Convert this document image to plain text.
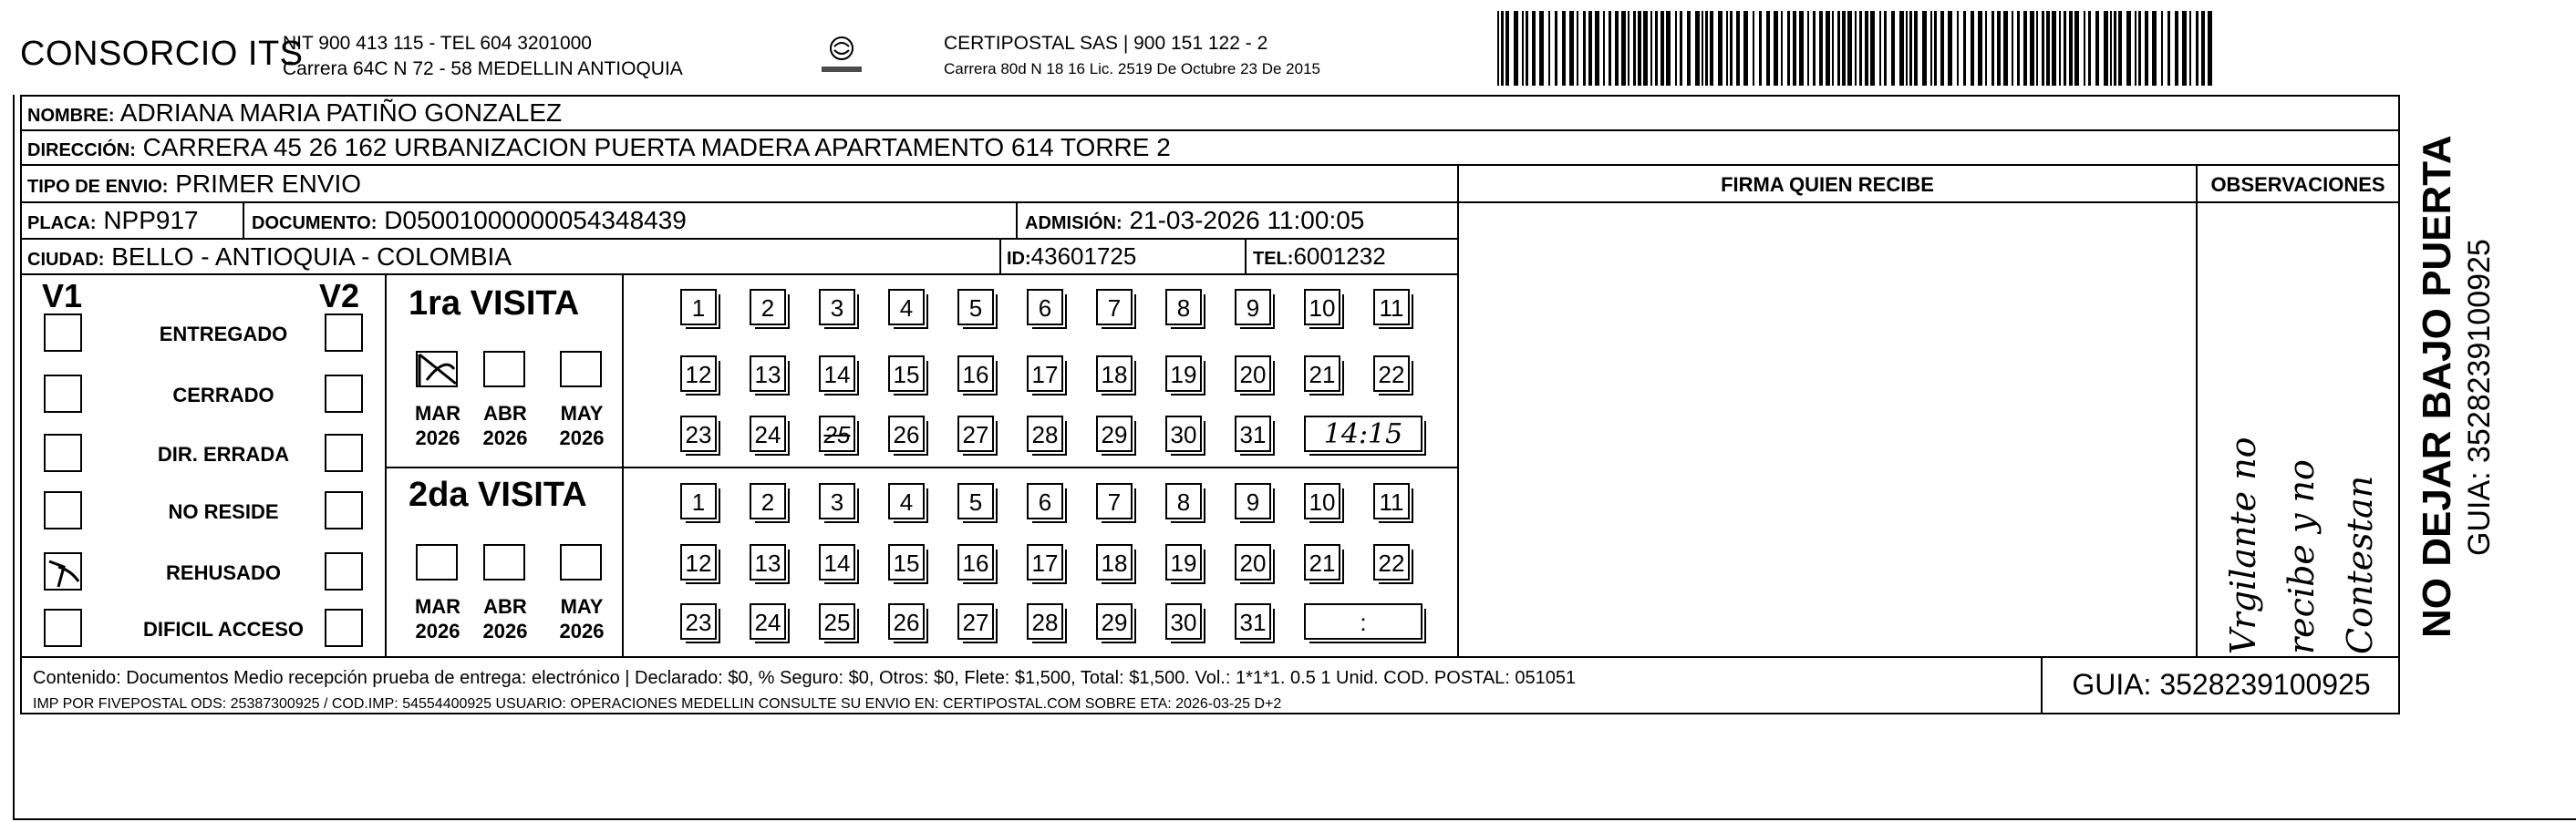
CONSORCIO ITS
NIT 900 413 115 - TEL 604 3201000
Carrera 64C N 72 - 58 MEDELLIN ANTIOQUIA
CERTIPOSTAL SAS | 900 151 122 - 2
Carrera 80d N 18 16 Lic. 2519 De Octubre 23 De 2015
NOMBRE: ADRIANA MARIA PATIÑO GONZALEZ
DIRECCIÓN: CARRERA 45 26 162 URBANIZACION PUERTA MADERA APARTAMENTO 614 TORRE 2
TIPO DE ENVIO: PRIMER ENVIO
PLACA: NPP917	DOCUMENTO: D05001000000054348439	ADMISIÓN: 21-03-2026 11:00:05
CIUDAD: BELLO - ANTIOQUIA - COLOMBIA	ID:43601725	TEL:6001232
V1	V2
ENTREGADO
CERRADO
DIR. ERRADA
NO RESIDE
REHUSADO
DIFICIL ACCESO
1ra VISITA
2da VISITA
MAR
2026
ABR
2026
MAY
2026
MAR
2026
ABR
2026
MAY
2026
1	2	3	4	5	6	7	8	9	10 11
12 13 14 15 16 17 18 19 20 21 22
23 24 25 26 27 28 29 30 31	14:15
1	2	3	4	5	6	7	8	9	10 11
12 13 14 15 16 17 18 19 20 21 22
23 24 25 26 27 28 29 30 31	:
FIRMA QUIEN RECIBE	OBSERVACIONES
Vrgilante no recibe y no Contestan NO DEJAR BAJO PUERTA GUIA: 3528239100925
Contenido: Documentos Medio recepción prueba de entrega: electrónico | Declarado: $0, % Seguro: $0, Otros: $0, Flete: $1,500, Total: $1,500. Vol.: 1*1*1. 0.5 1 Unid. COD. POSTAL: 051051
IMP POR FIVEPOSTAL ODS: 25387300925 / COD.IMP: 54554400925 USUARIO: OPERACIONES MEDELLIN CONSULTE SU ENVIO EN: CERTIPOSTAL.COM SOBRE ETA: 2026-03-25 D+2
GUIA: 3528239100925
